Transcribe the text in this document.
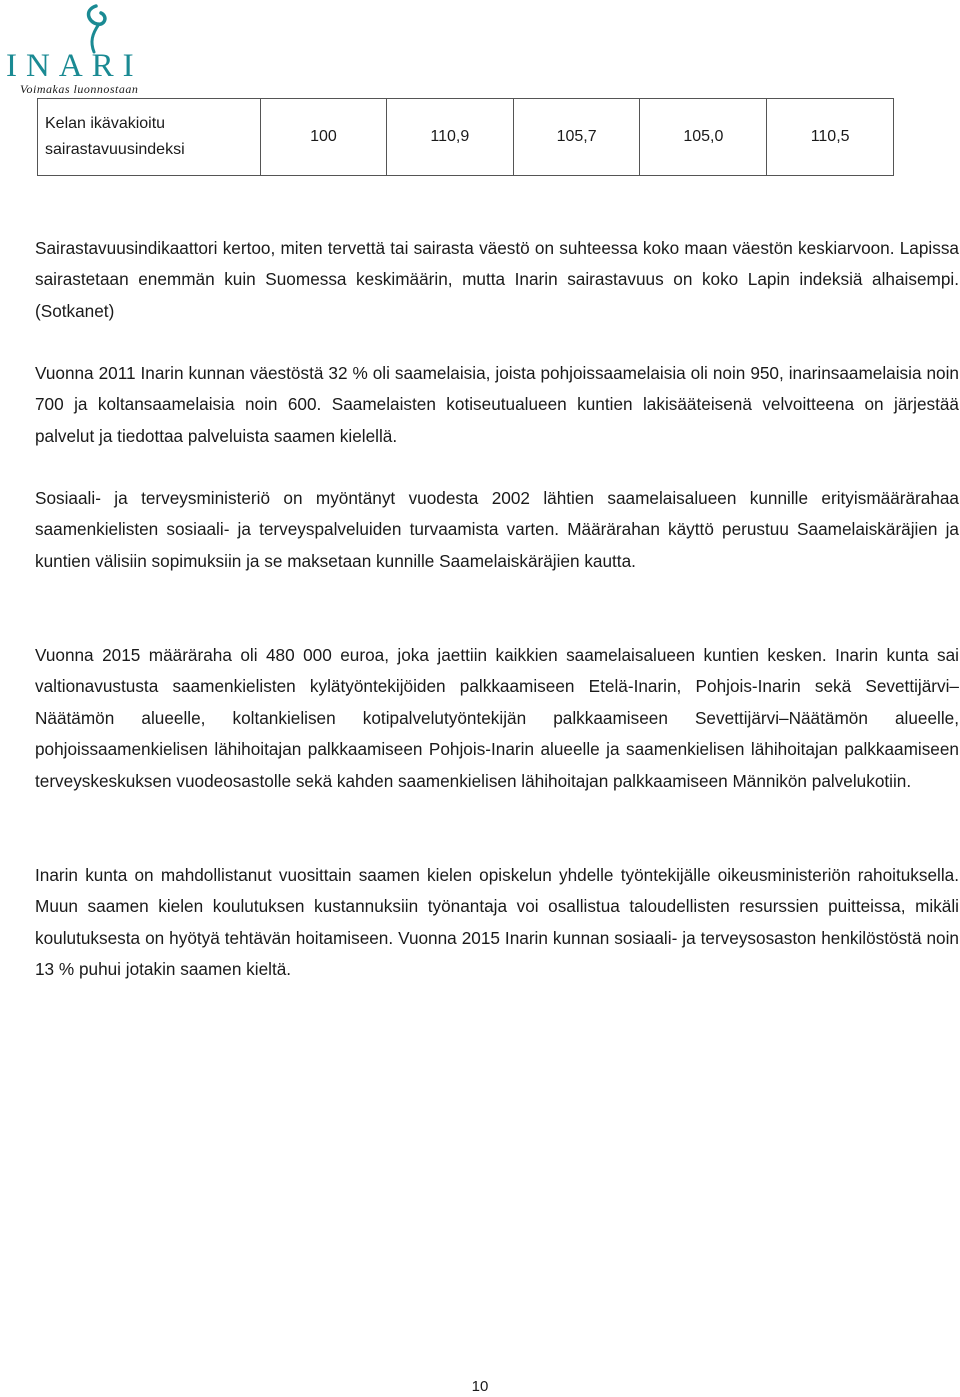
INARI
Voimakas luonnostaan
Kelan ikävakioitu sairastavuusindeksi	100	110,9	105,7	105,0	110,5

Sairastavuusindikaattori kertoo, miten tervettä tai sairasta väestö on suhteessa koko maan väestön keskiarvoon. Lapissa sairastetaan enemmän kuin Suomessa keskimäärin, mutta Inarin sairastavuus on koko Lapin indeksiä alhaisempi. (Sotkanet)

Vuonna 2011 Inarin kunnan väestöstä 32 % oli saamelaisia, joista pohjoissaamelaisia oli noin 950, inarinsaamelaisia noin 700 ja koltansaamelaisia noin 600. Saamelaisten kotiseutualueen kuntien lakisääteisenä velvoitteena on järjestää palvelut ja tiedottaa palveluista saamen kielellä.

Sosiaali- ja terveysministeriö on myöntänyt vuodesta 2002 lähtien saamelaisalueen kunnille erityismäärärahaa saamenkielisten sosiaali- ja terveyspalveluiden turvaamista varten. Määrärahan käyttö perustuu Saamelaiskäräjien ja kuntien välisiin sopimuksiin ja se maksetaan kunnille Saamelaiskäräjien kautta.

Vuonna 2015 määräraha oli 480 000 euroa, joka jaettiin kaikkien saamelaisalueen kuntien kesken. Inarin kunta sai valtionavustusta saamenkielisten kylätyöntekijöiden palkkaamiseen Etelä-Inarin, Pohjois-Inarin sekä Sevettijärvi–Näätämön alueelle, koltankielisen kotipalvelutyöntekijän palkkaamiseen Sevettijärvi–Näätämön alueelle, pohjoissaamenkielisen lähihoitajan palkkaamiseen Pohjois-Inarin alueelle ja saamenkielisen lähihoitajan palkkaamiseen terveyskeskuksen vuodeosastolle sekä kahden saamenkielisen lähihoitajan palkkaamiseen Männikön palvelukotiin.

Inarin kunta on mahdollistanut vuosittain saamen kielen opiskelun yhdelle työntekijälle oikeusministeriön rahoituksella. Muun saamen kielen koulutuksen kustannuksiin työnantaja voi osallistua taloudellisten resurssien puitteissa, mikäli koulutuksesta on hyötyä tehtävän hoitamiseen. Vuonna 2015 Inarin kunnan sosiaali- ja terveysosaston henkilöstöstä noin 13 % puhui jotakin saamen kieltä.

10
